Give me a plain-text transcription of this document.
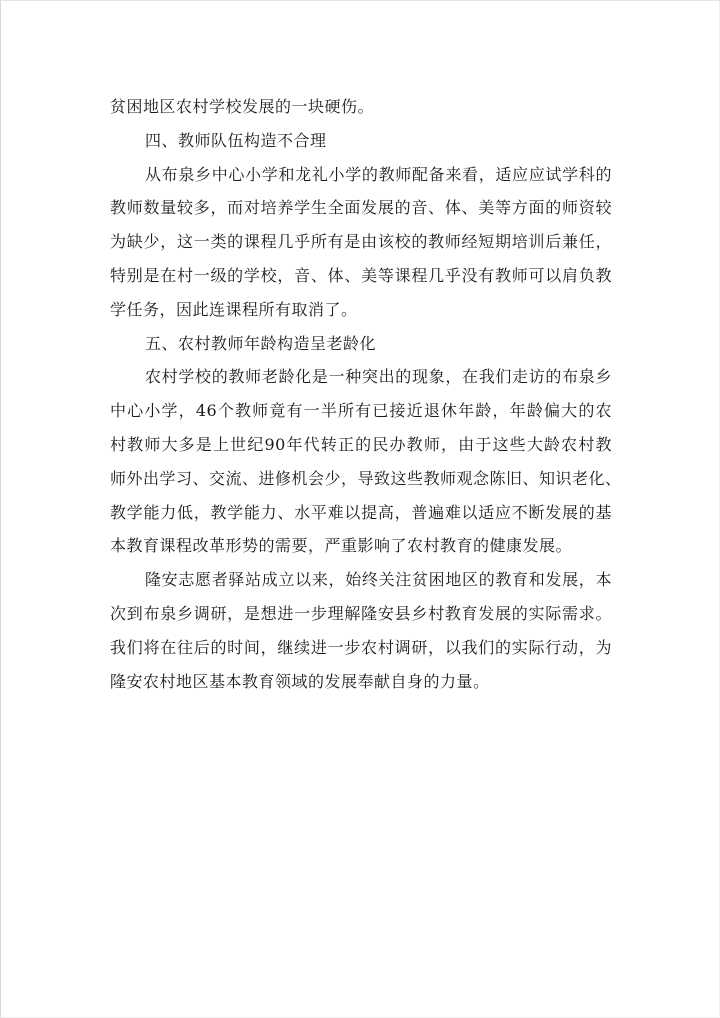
贫困地区农村学校发展的一块硬伤。
四、教师队伍构造不合理
从布泉乡中心小学和龙礼小学的教师配备来看，适应应试学科的
教师数量较多，而对培养学生全面发展的音、体、美等方面的师资较
为缺少，这一类的课程几乎所有是由该校的教师经短期培训后兼任，
特别是在村一级的学校，音、体、美等课程几乎没有教师可以肩负教
学任务，因此连课程所有取消了。
五、农村教师年龄构造呈老龄化
农村学校的教师老龄化是一种突出的现象，在我们走访的布泉乡
中心小学，46个教师竟有一半所有已接近退休年龄，年龄偏大的农
村教师大多是上世纪90年代转正的民办教师，由于这些大龄农村教
师外出学习、交流、进修机会少，导致这些教师观念陈旧、知识老化、
教学能力低，教学能力、水平难以提高，普遍难以适应不断发展的基
本教育课程改革形势的需要，严重影响了农村教育的健康发展。
隆安志愿者驿站成立以来，始终关注贫困地区的教育和发展，本
次到布泉乡调研，是想进一步理解隆安县乡村教育发展的实际需求。
我们将在往后的时间，继续进一步农村调研，以我们的实际行动，为
隆安农村地区基本教育领域的发展奉献自身的力量。
